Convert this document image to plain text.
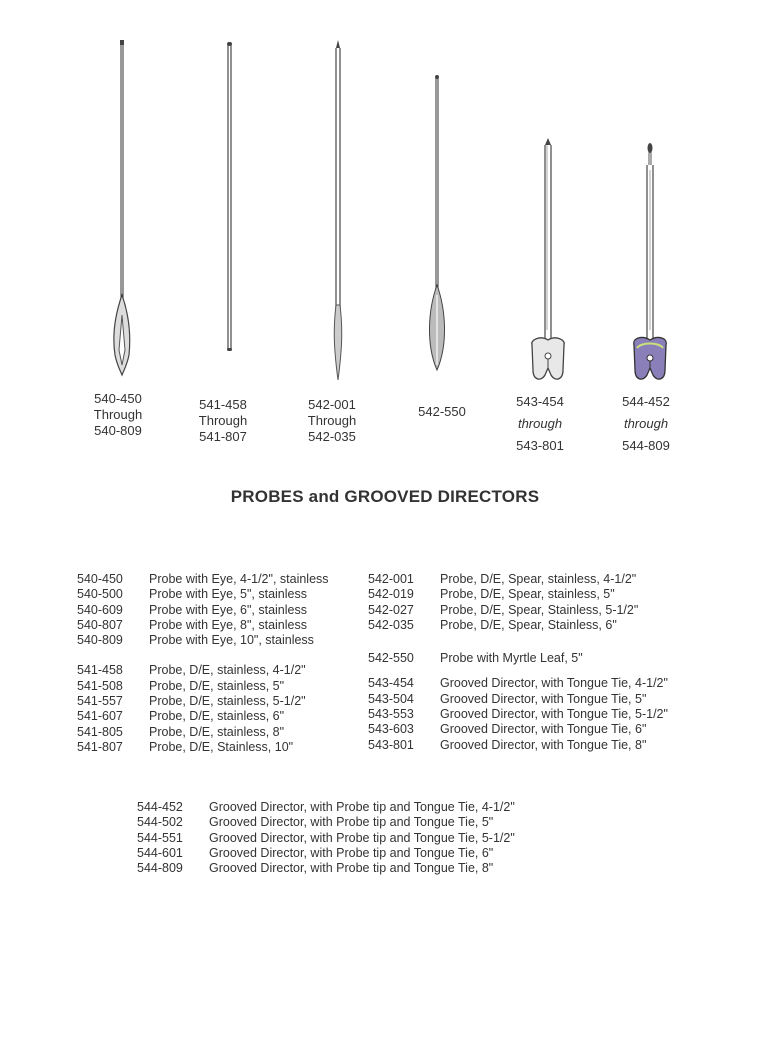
540-450
Through
540-809
541-458
Through
541-807
542-001
Through
542-035
542-550
543-454
through
543-801
544-452
through
544-809
PROBES and GROOVED DIRECTORS
540-450	Probe with Eye, 4-1/2", stainless
540-500	Probe with Eye, 5", stainless
540-609	Probe with Eye, 6", stainless
540-807	Probe with Eye, 8", stainless
540-809	Probe with Eye, 10", stainless
541-458	Probe, D/E, stainless, 4-1/2"
541-508	Probe, D/E, stainless, 5"
541-557	Probe, D/E, stainless, 5-1/2"
541-607	Probe, D/E, stainless, 6"
541-805	Probe, D/E, stainless, 8"
541-807	Probe, D/E, Stainless, 10"
542-001	Probe, D/E, Spear, stainless, 4-1/2"
542-019	Probe, D/E, Spear, stainless, 5"
542-027	Probe, D/E, Spear, Stainless, 5-1/2"
542-035	Probe, D/E, Spear, Stainless, 6"
542-550	Probe with Myrtle Leaf, 5"
543-454	Grooved Director, with Tongue Tie, 4-1/2"
543-504	Grooved Director, with Tongue Tie, 5"
543-553	Grooved Director, with Tongue Tie, 5-1/2"
543-603	Grooved Director, with Tongue Tie, 6"
543-801	Grooved Director, with Tongue Tie, 8"
544-452	Grooved Director, with Probe tip and Tongue Tie, 4-1/2"
544-502	Grooved Director, with Probe tip and Tongue Tie, 5"
544-551	Grooved Director, with Probe tip and Tongue Tie, 5-1/2"
544-601	Grooved Director, with Probe tip and Tongue Tie, 6"
544-809	Grooved Director, with Probe tip and Tongue Tie, 8"
